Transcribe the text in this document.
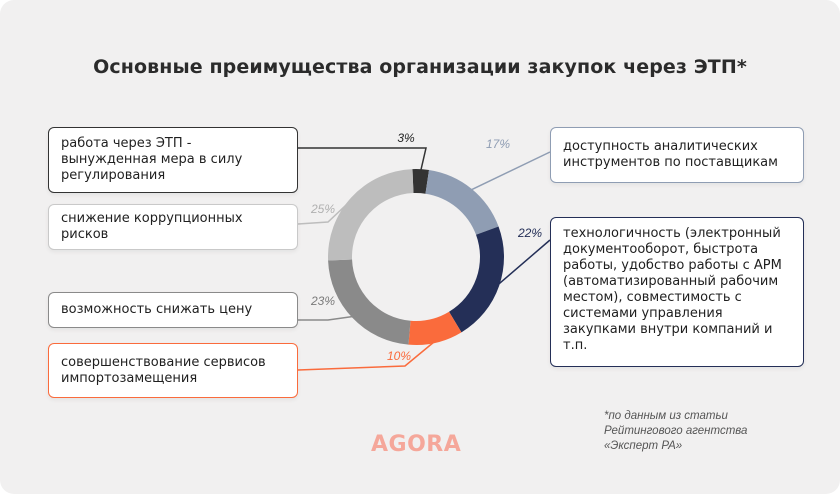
Основные преимущества организации закупок через ЭТП*
3%	17%
22%
10%
23%
25%
работа через ЭТП - вынужденная мера в силу регулирования
снижение коррупционных рисков
возможность снижать цену
совершенствование сервисов импортозамещения
доступность аналитических инструментов по поставщикам
технологичность (электронный документооборот, быстрота работы, удобство работы с АРМ (автоматизированный рабочим местом), совместимость с системами управления закупками внутри компаний и т.п.
*по данным из статьи Рейтингового агентства «Эксперт РА»
AGORA
